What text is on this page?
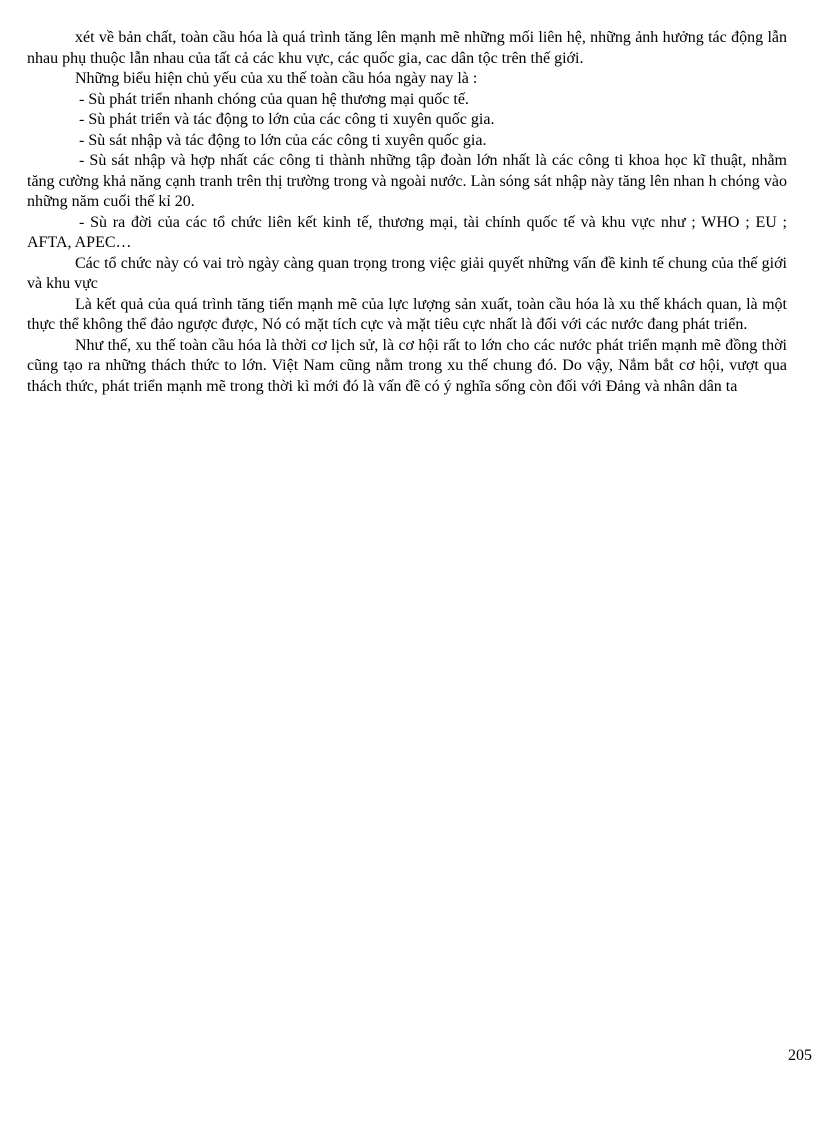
xét về bản chất, toàn cầu hóa là quá trình tăng lên mạnh mẽ những mối liên hệ, những ảnh hưởng tác động lẫn nhau phụ thuộc lẫn nhau của tất cả các khu vực, các quốc gia, cac dân tộc trên thế giới.

Những biểu hiện chủ yếu của xu thế toàn cầu hóa ngày nay là :

- Sù phát triển nhanh chóng của quan hệ thương mại quốc tế.

- Sù phát triển và tác động to lớn của các công ti xuyên quốc gia.

- Sù sát nhập và tác động to lớn của các công ti xuyên quốc gia.

- Sù sát nhập và hợp nhất các công ti thành những tập đoàn lớn nhất là các công ti khoa học kĩ thuật, nhằm tăng cường khả năng cạnh tranh trên thị trường trong và ngoài nước. Làn sóng sát nhập này tăng lên nhan h chóng vào những năm cuối thế kỉ 20.

- Sù ra đời của các tổ chức liên kết kinh tế, thương mại, tài chính quốc tế và khu vực như ; WHO ; EU ; AFTA, APEC…

Các tổ chức này có vai trò ngày càng quan trọng trong việc giải quyết những vấn đề kinh tế chung của thế giới và khu vực

Là kết quả của quá trình tăng tiến mạnh mẽ của lực lượng sản xuất, toàn cầu hóa là xu thế khách quan, là một thực thể không thể đảo ngược được, Nó có mặt tích cực và mặt tiêu cực nhất là đối với các nước đang phát triển.

Như thế, xu thế toàn cầu hóa là thời cơ lịch sử, là cơ hội rất to lớn cho các nước phát triển mạnh mẽ đồng thời cũng tạo ra những thách thức to lớn. Việt Nam cũng nằm trong xu thế chung đó. Do vậy, Nắm bắt cơ hội, vượt qua thách thức, phát triển mạnh mẽ trong thời kì mới đó là vấn đề có ý nghĩa sống còn đối với Đảng và nhân dân ta

205
